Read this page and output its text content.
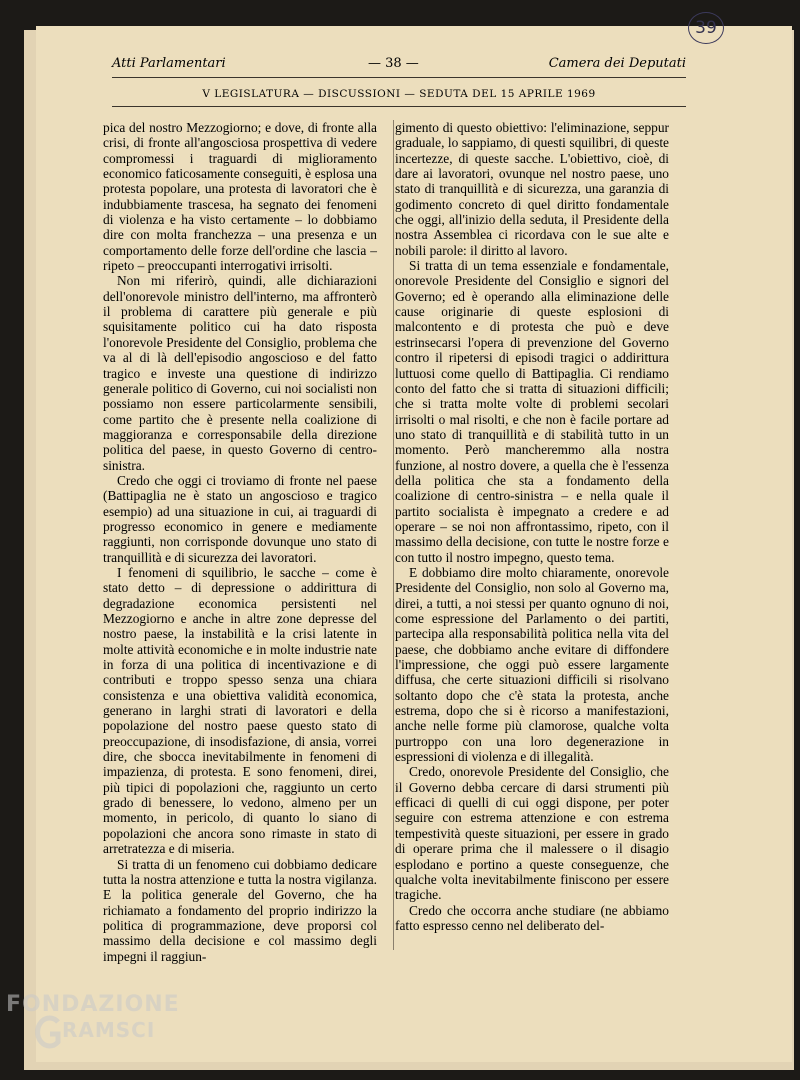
39
Atti Parlamentari	— 38 —	Camera dei Deputati
V LEGISLATURA — DISCUSSIONI — SEDUTA DEL 15 APRILE 1969

pica del nostro Mezzogiorno; e dove, di fronte alla crisi, di fronte all'angosciosa prospettiva di vedere compromessi i traguardi di miglioramento economico faticosamente conseguiti, è esplosa una protesta popolare, una protesta di lavoratori che è indubbiamente trascesa, ha segnato dei fenomeni di violenza e ha visto certamente – lo dobbiamo dire con molta franchezza – una presenza e un comportamento delle forze dell'ordine che lascia – ripeto – preoccupanti interrogativi irrisolti.

Non mi riferirò, quindi, alle dichiarazioni dell'onorevole ministro dell'interno, ma affronterò il problema di carattere più generale e più squisitamente politico cui ha dato risposta l'onorevole Presidente del Consiglio, problema che va al di là dell'episodio angoscioso e del fatto tragico e investe una questione di indirizzo generale politico di Governo, cui noi socialisti non possiamo non essere particolarmente sensibili, come partito che è presente nella coalizione di maggioranza e corresponsabile della direzione politica del paese, in questo Governo di centro-sinistra.

Credo che oggi ci troviamo di fronte nel paese (Battipaglia ne è stato un angoscioso e tragico esempio) ad una situazione in cui, ai traguardi di progresso economico in genere e mediamente raggiunti, non corrisponde dovunque uno stato di tranquillità e di sicurezza dei lavoratori.

I fenomeni di squilibrio, le sacche – come è stato detto – di depressione o addirittura di degradazione economica persistenti nel Mezzogiorno e anche in altre zone depresse del nostro paese, la instabilità e la crisi latente in molte attività economiche e in molte industrie nate in forza di una politica di incentivazione e di contributi e troppo spesso senza una chiara consistenza e una obiettiva validità economica, generano in larghi strati di lavoratori e della popolazione del nostro paese questo stato di preoccupazione, di insodisfazione, di ansia, vorrei dire, che sbocca inevitabilmente in fenomeni di impazienza, di protesta. E sono fenomeni, direi, più tipici di popolazioni che, raggiunto un certo grado di benessere, lo vedono, almeno per un momento, in pericolo, di quanto lo siano di popolazioni che ancora sono rimaste in stato di arretratezza e di miseria.

Si tratta di un fenomeno cui dobbiamo dedicare tutta la nostra attenzione e tutta la nostra vigilanza. E la politica generale del Governo, che ha richiamato a fondamento del proprio indirizzo la politica di programmazione, deve proporsi col massimo della decisione e col massimo degli impegni il raggiun-

gimento di questo obiettivo: l'eliminazione, seppur graduale, lo sappiamo, di questi squilibri, di queste incertezze, di queste sacche. L'obiettivo, cioè, di dare ai lavoratori, ovunque nel nostro paese, uno stato di tranquillità e di sicurezza, una garanzia di godimento concreto di quel diritto fondamentale che oggi, all'inizio della seduta, il Presidente della nostra Assemblea ci ricordava con le sue alte e nobili parole: il diritto al lavoro.

Si tratta di un tema essenziale e fondamentale, onorevole Presidente del Consiglio e signori del Governo; ed è operando alla eliminazione delle cause originarie di queste esplosioni di malcontento e di protesta che può e deve estrinsecarsi l'opera di prevenzione del Governo contro il ripetersi di episodi tragici o addirittura luttuosi come quello di Battipaglia. Ci rendiamo conto del fatto che si tratta di situazioni difficili; che si tratta molte volte di problemi secolari irrisolti o mal risolti, e che non è facile portare ad uno stato di tranquillità e di stabilità tutto in un momento. Però mancheremmo alla nostra funzione, al nostro dovere, a quella che è l'essenza della politica che sta a fondamento della coalizione di centro-sinistra – e nella quale il partito socialista è impegnato a credere e ad operare – se noi non affrontassimo, ripeto, con il massimo della decisione, con tutte le nostre forze e con tutto il nostro impegno, questo tema.

E dobbiamo dire molto chiaramente, onorevole Presidente del Consiglio, non solo al Governo ma, direi, a tutti, a noi stessi per quanto ognuno di noi, come espressione del Parlamento o dei partiti, partecipa alla responsabilità politica nella vita del paese, che dobbiamo anche evitare di diffondere l'impressione, che oggi può essere largamente diffusa, che certe situazioni difficili si risolvano soltanto dopo che c'è stata la protesta, anche estrema, dopo che si è ricorso a manifestazioni, anche nelle forme più clamorose, qualche volta purtroppo con una loro degenerazione in espressioni di violenza e di illegalità.

Credo, onorevole Presidente del Consiglio, che il Governo debba cercare di darsi strumenti più efficaci di quelli di cui oggi dispone, per poter seguire con estrema attenzione e con estrema tempestività queste situazioni, per essere in grado di operare prima che il malessere o il disagio esplodano e portino a queste conseguenze, che qualche volta inevitabilmente finiscono per essere tragiche.

Credo che occorra anche studiare (ne abbiamo fatto espresso cenno nel deliberato del-

FONDAZIONE
RAMSCI
